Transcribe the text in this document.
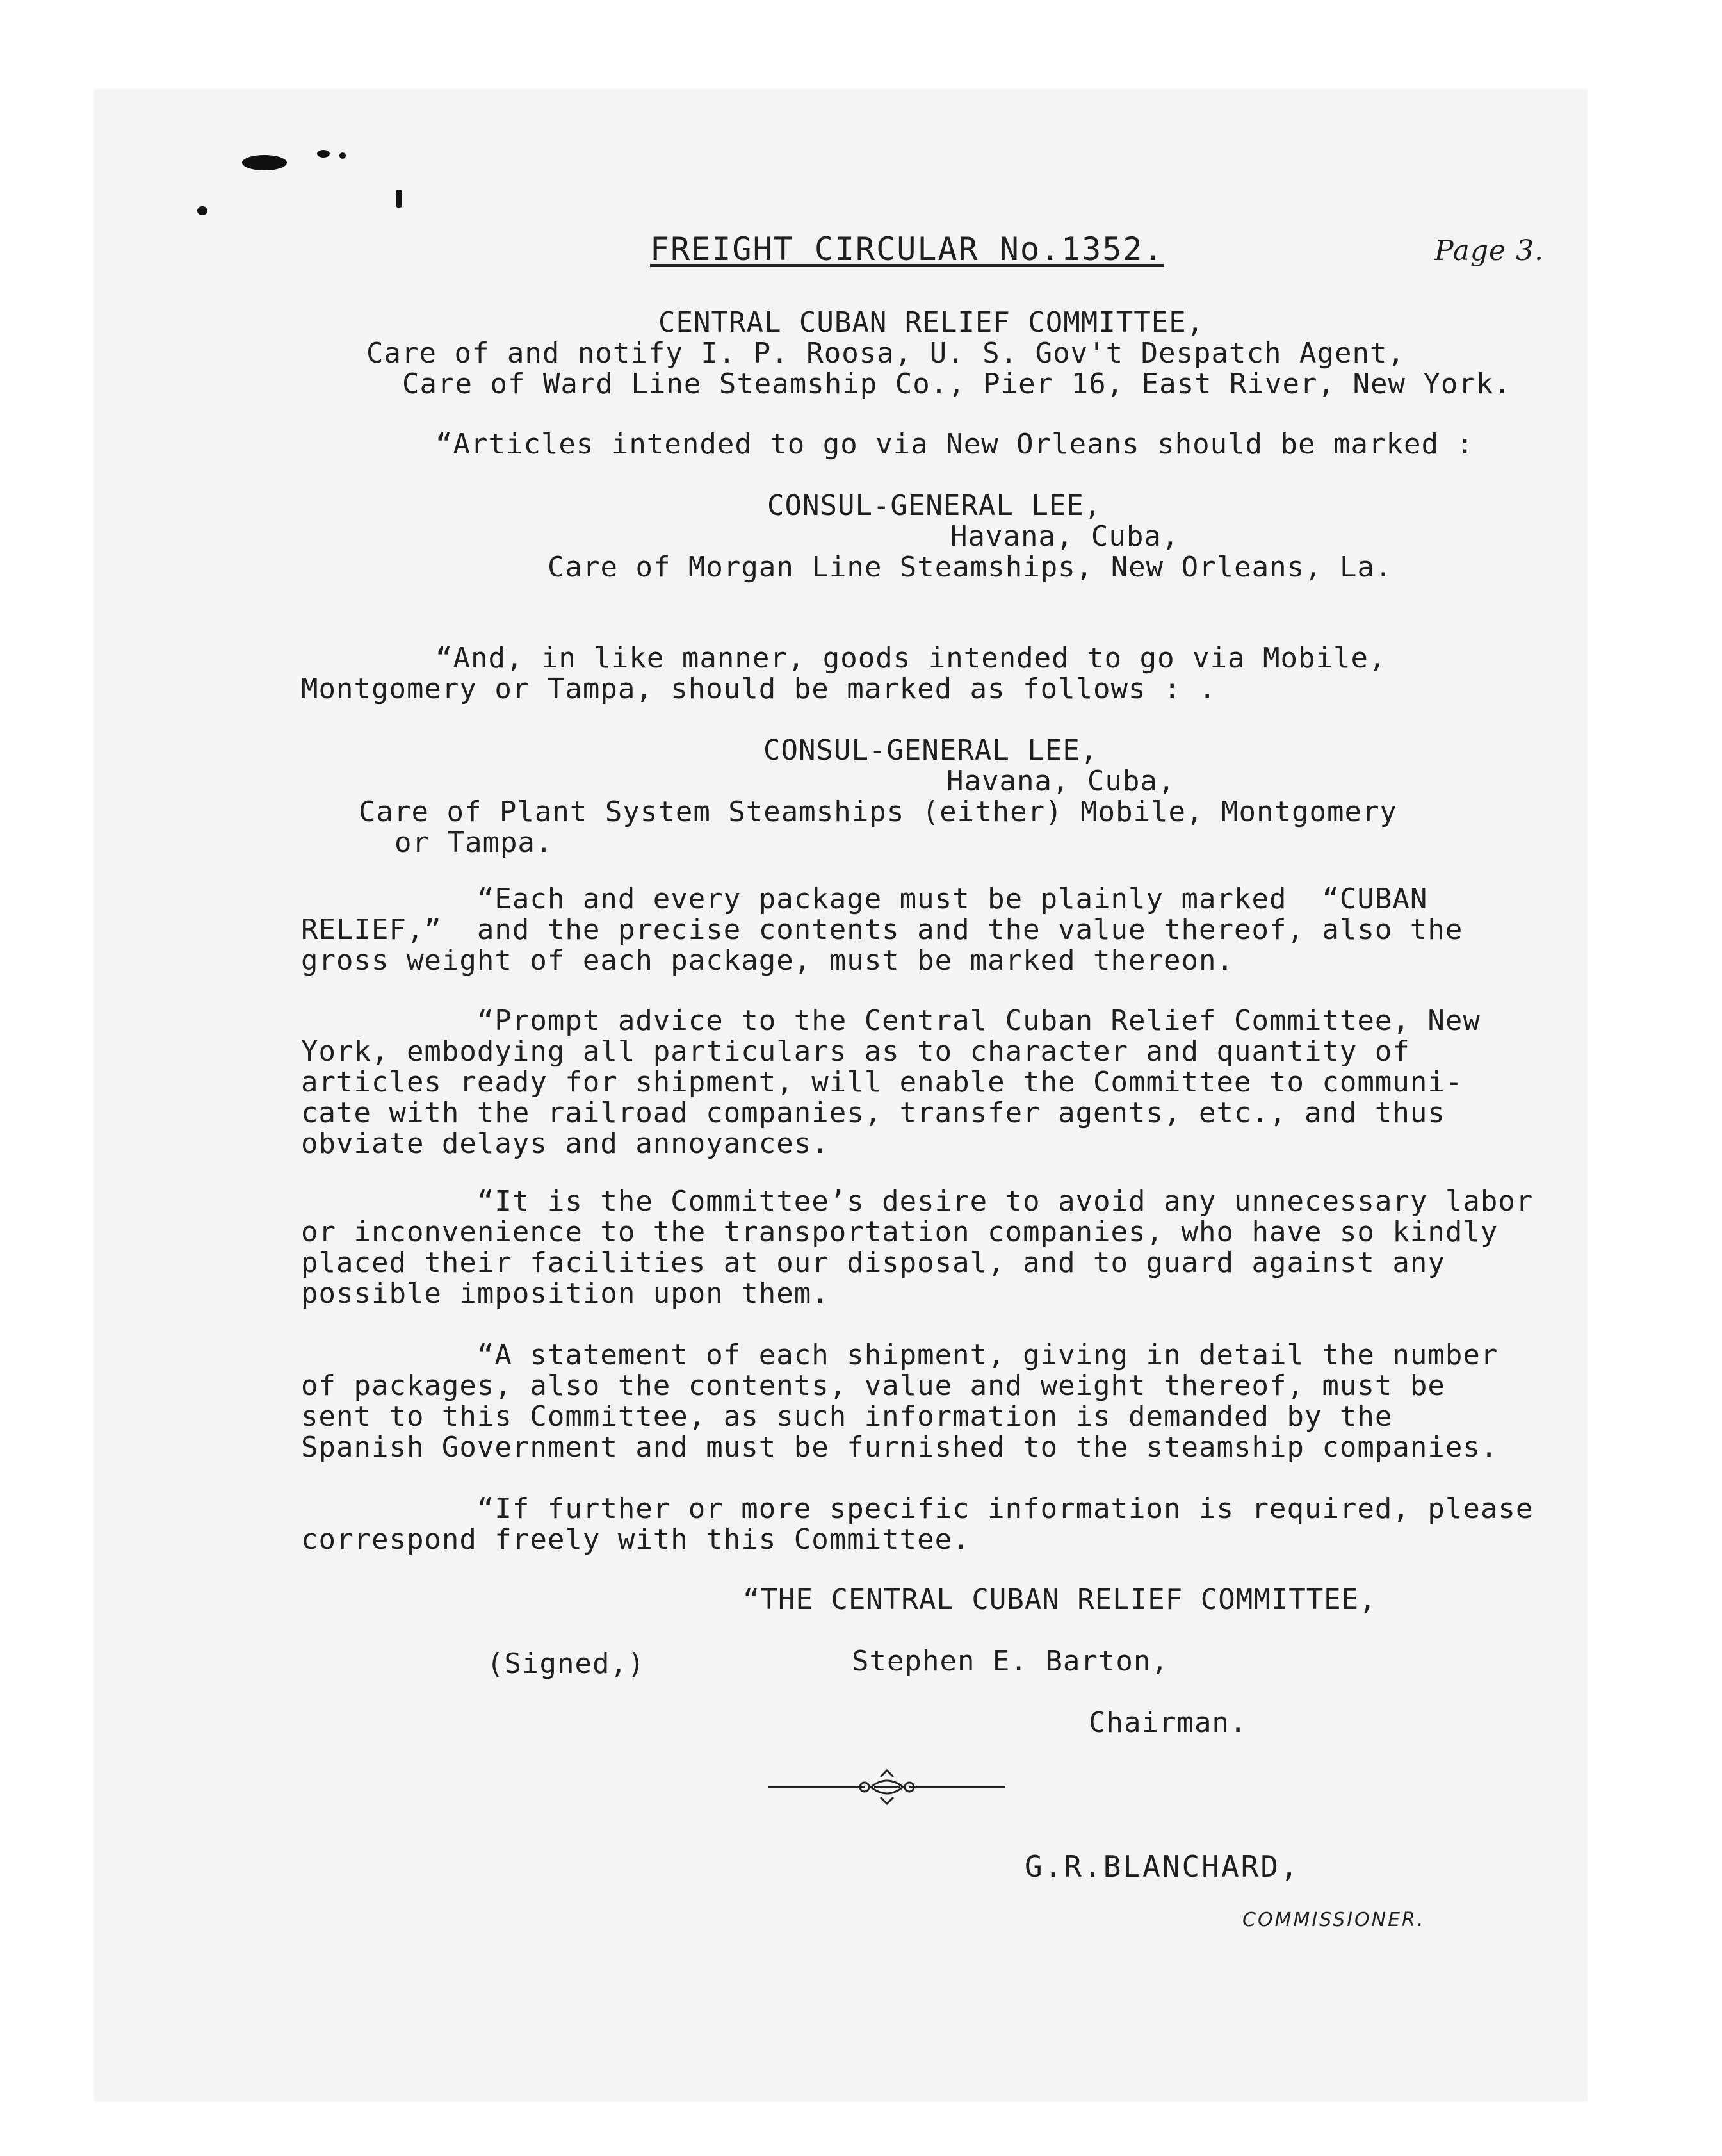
FREIGHT CIRCULAR No.1352.	Page 3.
CENTRAL CUBAN RELIEF COMMITTEE,
Care of and notify I. P. Roosa, U. S. Gov't Despatch Agent,
Care of Ward Line Steamship Co., Pier 16, East River, New York.
“Articles intended to go via New Orleans should be marked :
CONSUL-GENERAL LEE,
Havana, Cuba,
Care of Morgan Line Steamships, New Orleans, La.
“And, in like manner, goods intended to go via Mobile,
Montgomery or Tampa, should be marked as follows : .
CONSUL-GENERAL LEE,
Havana, Cuba,
Care of Plant System Steamships (either) Mobile, Montgomery
or Tampa.
“Each and every package must be plainly marked  “CUBAN
RELIEF,”  and the precise contents and the value thereof, also the
gross weight of each package, must be marked thereon.
“Prompt advice to the Central Cuban Relief Committee, New
York, embodying all particulars as to character and quantity of
articles ready for shipment, will enable the Committee to communi-
cate with the railroad companies, transfer agents, etc., and thus
obviate delays and annoyances.
“It is the Committee’s desire to avoid any unnecessary labor
or inconvenience to the transportation companies, who have so kindly
placed their facilities at our disposal, and to guard against any
possible imposition upon them.
“A statement of each shipment, giving in detail the number
of packages, also the contents, value and weight thereof, must be
sent to this Committee, as such information is demanded by the
Spanish Government and must be furnished to the steamship companies.
“If further or more specific information is required, please
correspond freely with this Committee.
“THE CENTRAL CUBAN RELIEF COMMITTEE,
(Signed,)	Stephen E. Barton,
Chairman.
G.R.BLANCHARD,
COMMISSIONER.
